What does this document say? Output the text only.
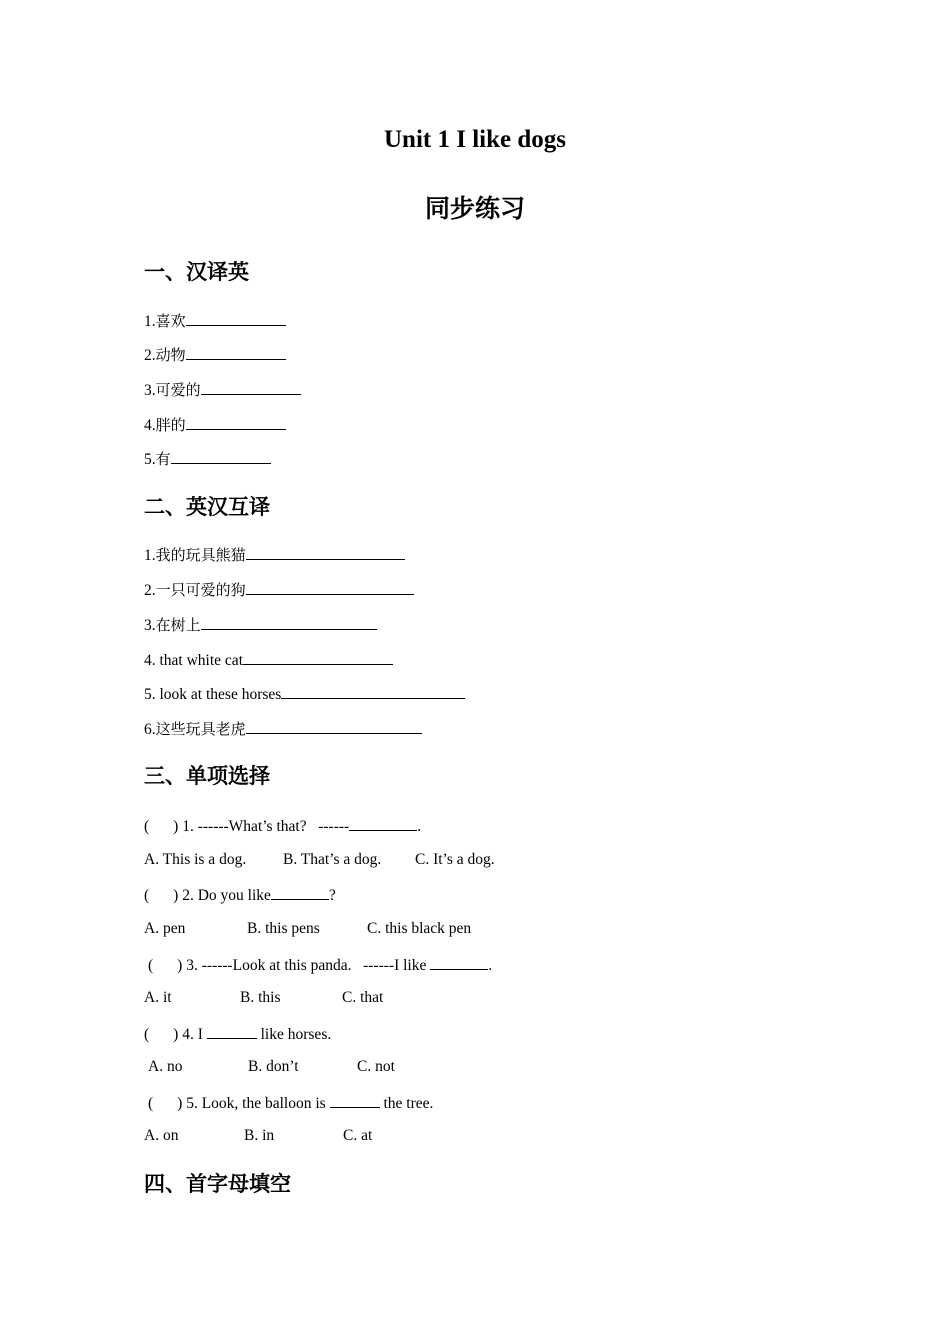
Unit 1 I like dogs
同步练习
一、汉译英
1.喜欢
2.动物
3.可爱的
4.胖的
5.有
二、英汉互译
1.我的玩具熊猫
2.一只可爱的狗
3.在树上
4. that white cat
5. look at these horses
6.这些玩具老虎
三、单项选择
( ) 1. ------What’s that?   ------	.
A. This is a dog. B. That’s a dog. C. It’s a dog.
( ) 2. Do you like	?
A. pen	B. this pens	C. this black pen
( ) 3. ------Look at this panda.   ------I like	.
A. it	B. this	C. that
( ) 4. I	like horses.
A. no	B. don’t	C. not
( ) 5. Look, the balloon is	the tree.
A. on	B. in	C. at
四、首字母填空
